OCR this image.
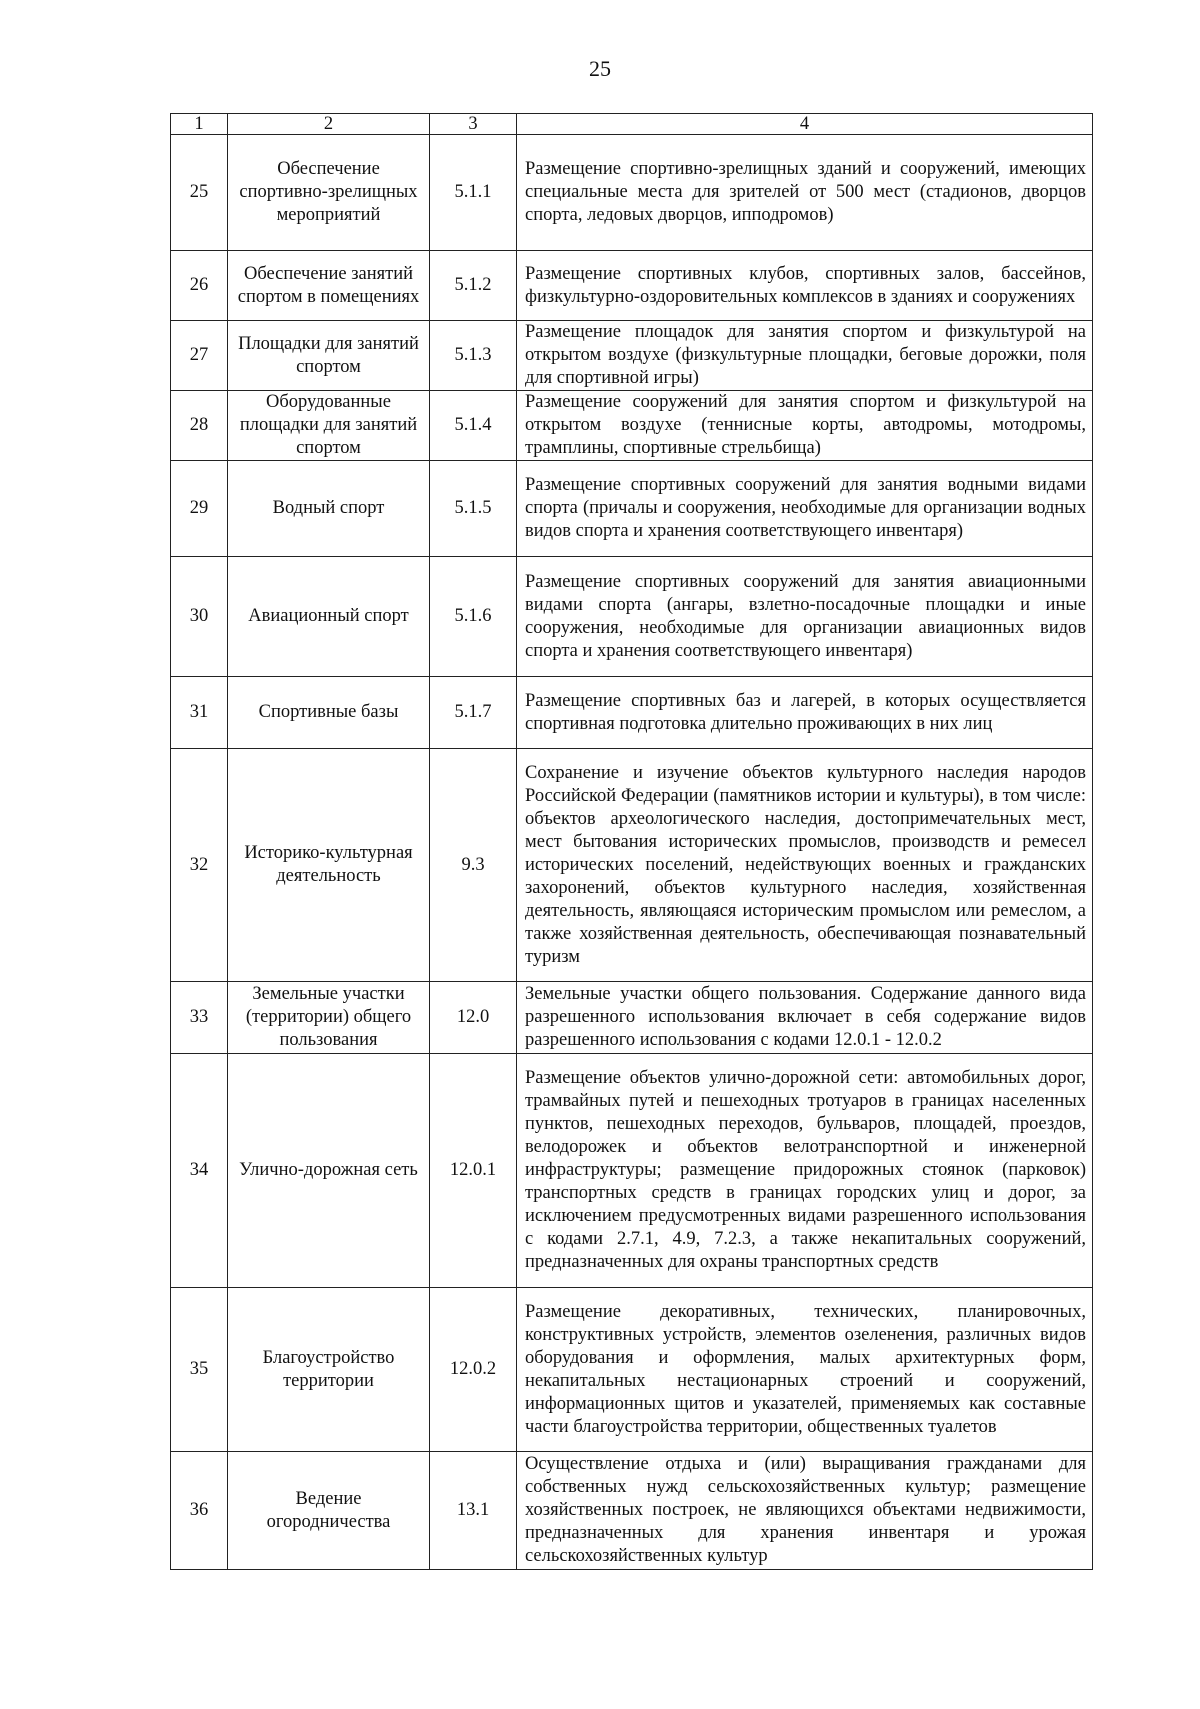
25
1	2	3	4
25	Обеспечение спортивно-зрелищных мероприятий	5.1.1	Размещение спортивно-зрелищных зданий и сооружений, имеющих специальные места для зрителей от 500 мест (стадионов, дворцов спорта, ледовых дворцов, ипподромов)
26	Обеспечение занятий спортом в помещениях	5.1.2	Размещение спортивных клубов, спортивных залов, бассейнов, физкультурно-оздоровительных комплексов в зданиях и сооружениях
27	Площадки для занятий спортом	5.1.3	Размещение площадок для занятия спортом и физкультурой на открытом воздухе (физкультурные площадки, беговые дорожки, поля для спортивной игры)
28	Оборудованные площадки для занятий спортом	5.1.4	Размещение сооружений для занятия спортом и физкультурой на открытом воздухе (теннисные корты, автодромы, мотодромы, трамплины, спортивные стрельбища)
29	Водный спорт	5.1.5	Размещение спортивных сооружений для занятия водными видами спорта (причалы и сооружения, необходимые для организации водных видов спорта и хранения соответствующего инвентаря)
30	Авиационный спорт	5.1.6	Размещение спортивных сооружений для занятия авиационными видами спорта (ангары, взлетно-посадочные площадки и иные сооружения, необходимые для организации авиационных видов спорта и хранения соответствующего инвентаря)
31	Спортивные базы	5.1.7	Размещение спортивных баз и лагерей, в которых осуществляется спортивная подготовка длительно проживающих в них лиц
32	Историко-культурная деятельность	9.3	Сохранение и изучение объектов культурного наследия народов Российской Федерации (памятников истории и культуры), в том числе: объектов археологического наследия, достопримечательных мест, мест бытования исторических промыслов, производств и ремесел исторических поселений, недействующих военных и гражданских захоронений, объектов культурного наследия, хозяйственная деятельность, являющаяся историческим промыслом или ремеслом, а также хозяйственная деятельность, обеспечивающая познавательный туризм
33	Земельные участки (территории) общего пользования	12.0	Земельные участки общего пользования. Содержание данного вида разрешенного использования включает в себя содержание видов разрешенного использования с кодами 12.0.1 - 12.0.2
34	Улично-дорожная сеть	12.0.1	Размещение объектов улично-дорожной сети: автомобильных дорог, трамвайных путей и пешеходных тротуаров в границах населенных пунктов, пешеходных переходов, бульваров, площадей, проездов, велодорожек и объектов велотранспортной и инженерной инфраструктуры; размещение придорожных стоянок (парковок) транспортных средств в границах городских улиц и дорог, за исключением предусмотренных видами разрешенного использования с кодами 2.7.1, 4.9, 7.2.3, а также некапитальных сооружений, предназначенных для охраны транспортных средств
35	Благоустройство территории	12.0.2	Размещение декоративных, технических, планировочных, конструктивных устройств, элементов озеленения, различных видов оборудования и оформления, малых архитектурных форм, некапитальных нестационарных строений и сооружений, информационных щитов и указателей, применяемых как составные части благоустройства территории, общественных туалетов
36	Ведение огородничества	13.1	Осуществление отдыха и (или) выращивания гражданами для собственных нужд сельскохозяйственных культур; размещение хозяйственных построек, не являющихся объектами недвижимости, предназначенных для хранения инвентаря и урожая сельскохозяйственных культур
